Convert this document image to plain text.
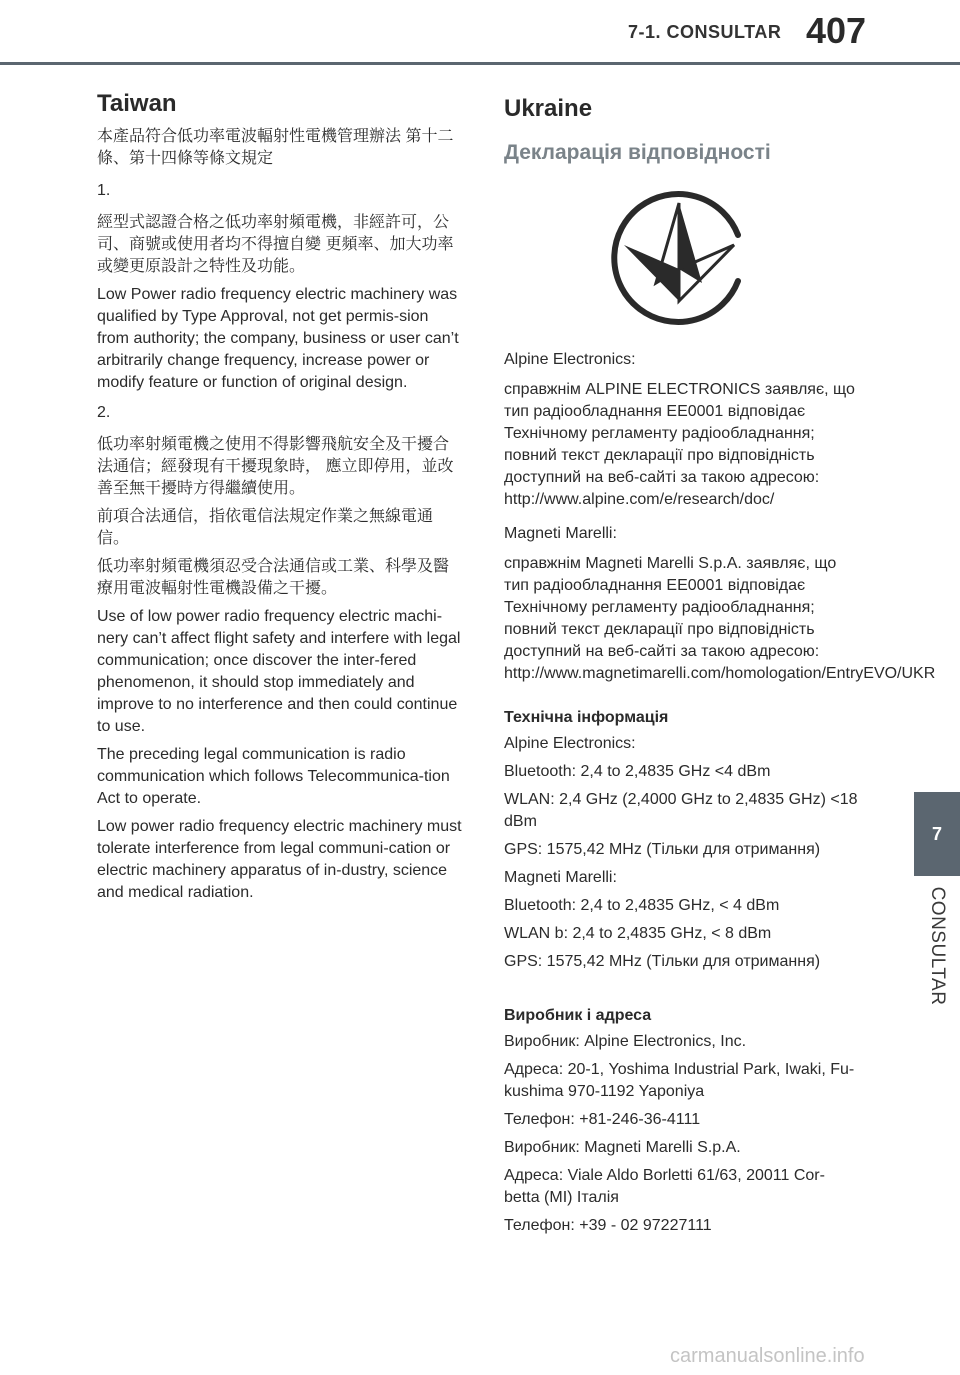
7-1. CONSULTAR 407
7
CONSULTAR
Taiwan

本產品符合低功率電波輻射性電機管理辦法 第十二條、第十四條等條文規定

1.

經型式認證合格之低功率射頻電機，非經許可，公司、商號或使用者均不得擅自變 更頻率、加大功率或變更原設計之特性及功能。

Low Power radio frequency electric machinery was qualified by Type Approval, not get permis-sion from authority; the company, business or user can’t arbitrarily change frequency, increase power or modify feature or function of original design.

2.

低功率射頻電機之使用不得影響飛航安全及干擾合法通信；經發現有干擾現象時， 應立即停用，並改善至無干擾時方得繼續使用。

前項合法通信，指依電信法規定作業之無線電通信。

低功率射頻電機須忍受合法通信或工業、科學及醫療用電波輻射性電機設備之干擾。

Use of low power radio frequency electric machi-nery can’t affect flight safety and interfere with legal communication; once discover the inter-fered phenomenon, it should stop immediately and improve to no interference and then could continue to use.

The preceding legal communication is radio communication which follows Telecommunica-tion Act to operate.

Low power radio frequency electric machinery must tolerate interference from legal communi-cation or electric machinery apparatus of in-dustry, science and medical radiation.

Ukraine
Декларація відповідності

Alpine Electronics:

справжнім ALPINE ELECTRONICS заявляє, що тип радіообладнання EE0001 відповідає Технічному регламенту радіообладнання; повний текст декларації про відповідність доступний на веб-сайті за такою адресою: http://www.alpine.com/e/research/doc/

Magneti Marelli:

справжнім Magneti Marelli S.p.A. заявляє, що тип радіообладнання EE0001 відповідає Технічному регламенту радіообладнання; повний текст декларації про відповідність доступний на веб-сайті за такою адресою: http://www.magnetimarelli.com/homologation/EntryEVO/UKR

Технічна інформація

Alpine Electronics:

Bluetooth: 2,4 to 2,4835 GHz <4 dBm

WLAN: 2,4 GHz (2,4000 GHz to 2,4835 GHz) <18 dBm

GPS: 1575,42 MHz (Тільки для отримання)

Magneti Marelli:

Bluetooth: 2,4 to 2,4835 GHz, < 4 dBm

WLAN b: 2,4 to 2,4835 GHz, < 8 dBm

GPS: 1575,42 MHz (Тільки для отримання)

Виробник і адреса

Виробник: Alpine Electronics, Inc.

Адреса: 20-1, Yoshima Industrial Park, Iwaki, Fu-kushima 970-1192 Yaponiya

Телефон: +81-246-36-4111

Виробник: Magneti Marelli S.p.A.

Адреса: Viale Aldo Borletti 61/63, 20011 Cor-betta (MI) Італія

Телефон: +39 - 02 97227111

carmanualsonline.info
